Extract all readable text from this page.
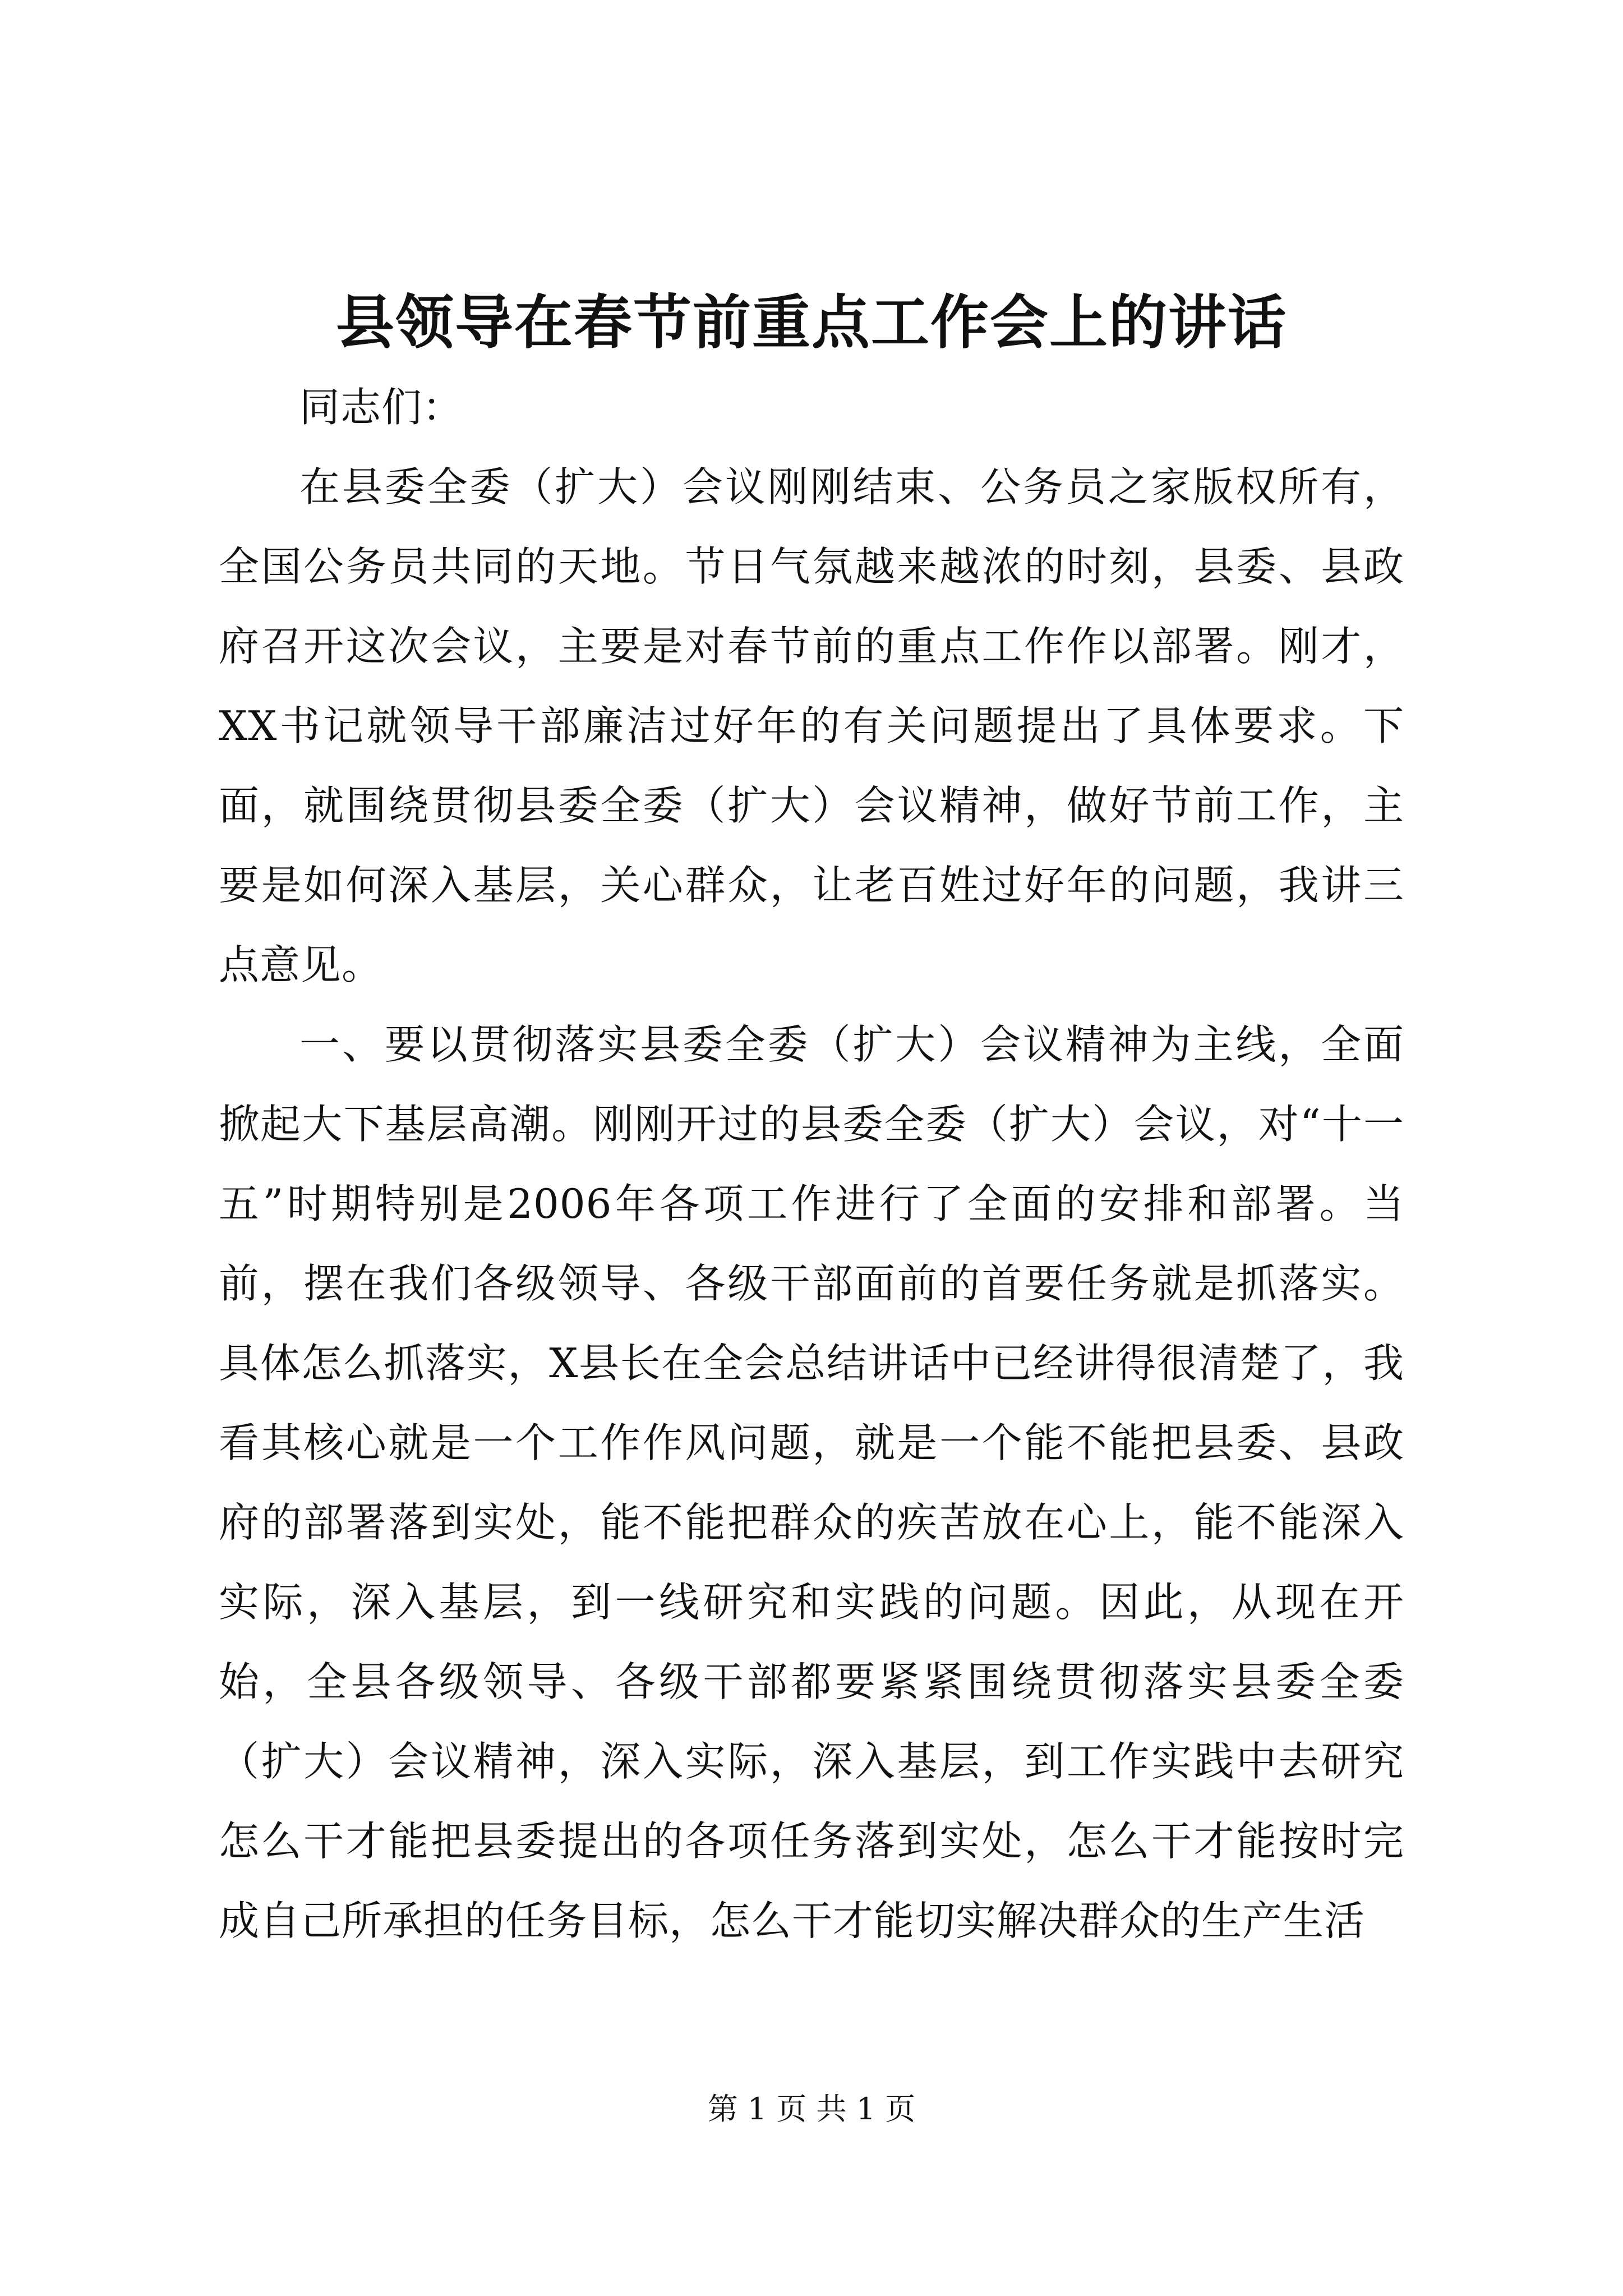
县领导在春节前重点工作会上的讲话

同志们：

在县委全委（扩大）会议刚刚结束、公务员之家版权所有，全国公务员共同的天地。节日气氛越来越浓的时刻，县委、县政府召开这次会议，主要是对春节前的重点工作作以部署。刚才，XX书记就领导干部廉洁过好年的有关问题提出了具体要求。下面，就围绕贯彻县委全委（扩大）会议精神，做好节前工作，主要是如何深入基层，关心群众，让老百姓过好年的问题，我讲三点意见。

一、要以贯彻落实县委全委（扩大）会议精神为主线，全面掀起大下基层高潮。刚刚开过的县委全委（扩大）会议，对“十一五”时期特别是2006年各项工作进行了全面的安排和部署。当前，摆在我们各级领导、各级干部面前的首要任务就是抓落实。具体怎么抓落实，X县长在全会总结讲话中已经讲得很清楚了，我看其核心就是一个工作作风问题，就是一个能不能把县委、县政府的部署落到实处，能不能把群众的疾苦放在心上，能不能深入实际，深入基层，到一线研究和实践的问题。因此，从现在开始，全县各级领导、各级干部都要紧紧围绕贯彻落实县委全委（扩大）会议精神，深入实际，深入基层，到工作实践中去研究怎么干才能把县委提出的各项任务落到实处，怎么干才能按时完成自己所承担的任务目标，怎么干才能切实解决群众的生产生活

第 1 页 共 1 页
